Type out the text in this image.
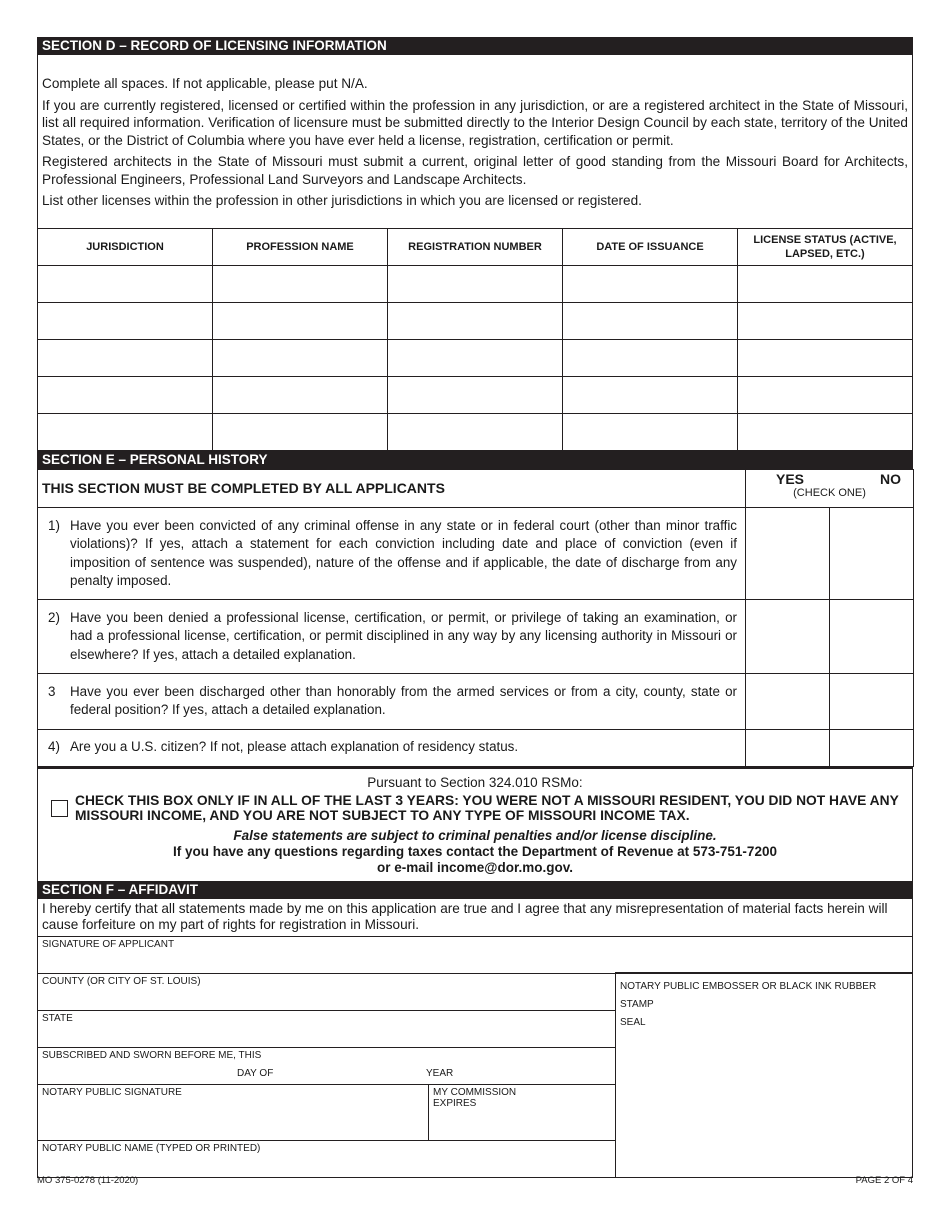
SECTION D – RECORD OF LICENSING INFORMATION

Complete all spaces. If not applicable, please put N/A.

If you are currently registered, licensed or certified within the profession in any jurisdiction, or are a registered architect in the State of Missouri, list all required information. Verification of licensure must be submitted directly to the Interior Design Council by each state, territory of the United States, or the District of Columbia where you have ever held a license, registration, certification or permit.

Registered architects in the State of Missouri must submit a current, original letter of good standing from the Missouri Board for Architects, Professional Engineers, Professional Land Surveyors and Landscape Architects.

List other licenses within the profession in other jurisdictions in which you are licensed or registered.

JURISDICTION	PROFESSION NAME	REGISTRATION NUMBER	DATE OF ISSUANCE	LICENSE STATUS (ACTIVE, LAPSED, ETC.)

SECTION E – PERSONAL HISTORY
THIS SECTION MUST BE COMPLETED BY ALL APPLICANTS	YES NO
(CHECK ONE)	

1) Have you ever been convicted of any criminal offense in any state or in federal court (other than minor traffic violations)? If yes, attach a statement for each conviction including date and place of conviction (even if imposition of sentence was suspended), nature of the offense and if applicable, the date of discharge from any penalty imposed.		

2) Have you been denied a professional license, certification, or permit, or privilege of taking an examination, or had a professional license, certification, or permit disciplined in any way by any licensing authority in Missouri or elsewhere? If yes, attach a detailed explanation.		

3 Have you ever been discharged other than honorably from the armed services or from a city, county, state or federal position? If yes, attach a detailed explanation.		

4) Are you a U.S. citizen? If not, please attach explanation of residency status.		

Pursuant to Section 324.010 RSMo:
CHECK THIS BOX ONLY IF IN ALL OF THE LAST 3 YEARS: YOU WERE NOT A MISSOURI RESIDENT, YOU DID NOT HAVE ANY MISSOURI INCOME, AND YOU ARE NOT SUBJECT TO ANY TYPE OF MISSOURI INCOME TAX.
False statements are subject to criminal penalties and/or license discipline.
If you have any questions regarding taxes contact the Department of Revenue at 573-751-7200
or e-mail income@dor.mo.gov.
SECTION F – AFFIDAVIT
I hereby certify that all statements made by me on this application are true and I agree that any misrepresentation of material facts herein will cause forfeiture on my part of rights for registration in Missouri.
SIGNATURE OF APPLICANT
COUNTY (OR CITY OF ST. LOUIS)
STATE
SUBSCRIBED AND SWORN BEFORE ME, THIS
DAY OF	YEAR
NOTARY PUBLIC SIGNATURE	MY COMMISSION EXPIRES
NOTARY PUBLIC NAME (TYPED OR PRINTED)
NOTARY PUBLIC EMBOSSER OR BLACK INK RUBBER STAMP
SEAL
MO 375-0278 (11-2020)	PAGE 2 OF 4
